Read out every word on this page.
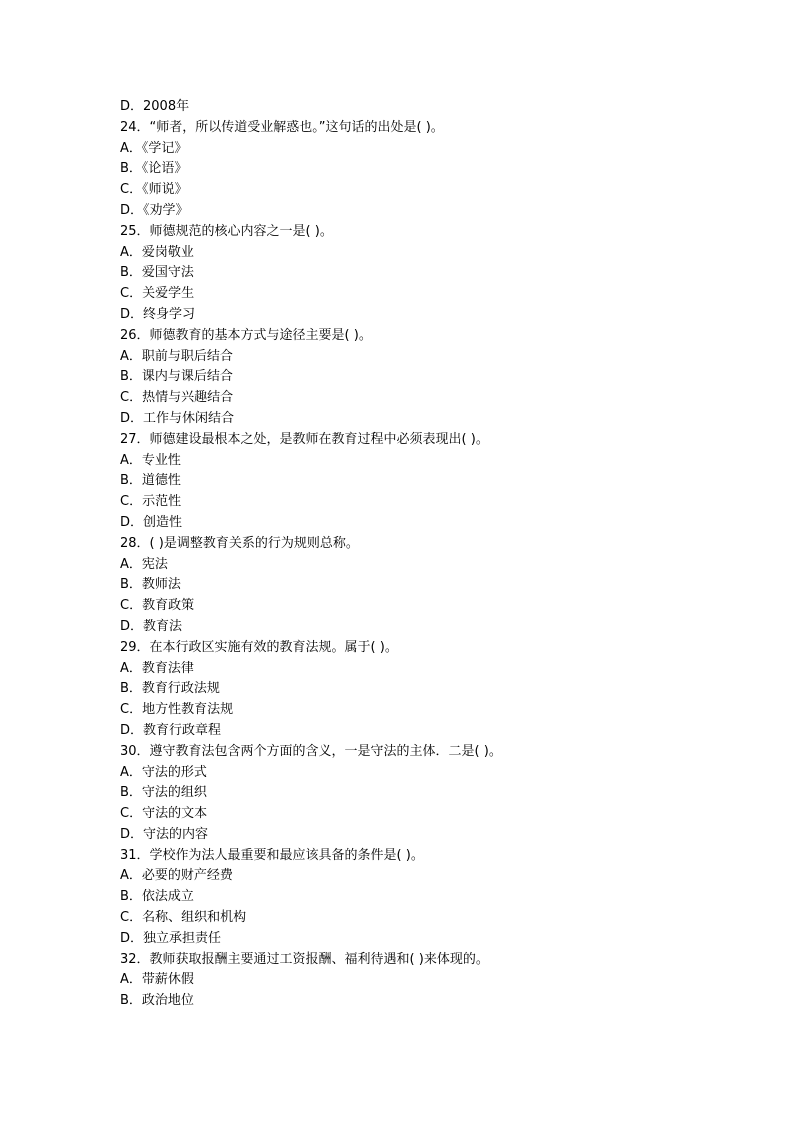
D．2008年
24．“师者，所以传道受业解惑也。”这句话的出处是( )。
A．《学记》
B．《论语》
C．《师说》
D．《劝学》
25．师德规范的核心内容之一是( )。
A．爱岗敬业
B．爱国守法
C．关爱学生
D．终身学习
26．师德教育的基本方式与途径主要是( )。
A．职前与职后结合
B．课内与课后结合
C．热情与兴趣结合
D．工作与休闲结合
27．师德建设最根本之处，是教师在教育过程中必须表现出( )。
A．专业性
B．道德性
C．示范性
D．创造性
28．( )是调整教育关系的行为规则总称。
A．宪法
B．教师法
C．教育政策
D．教育法
29．在本行政区实施有效的教育法规。属于( )。
A．教育法律
B．教育行政法规
C．地方性教育法规
D．教育行政章程
30．遵守教育法包含两个方面的含义，一是守法的主体．二是( )。
A．守法的形式
B．守法的组织
C．守法的文本
D．守法的内容
31．学校作为法人最重要和最应该具备的条件是( )。
A．必要的财产经费
B．依法成立
C．名称、组织和机构
D．独立承担责任
32．教师获取报酬主要通过工资报酬、福利待遇和( )来体现的。
A．带薪休假
B．政治地位
